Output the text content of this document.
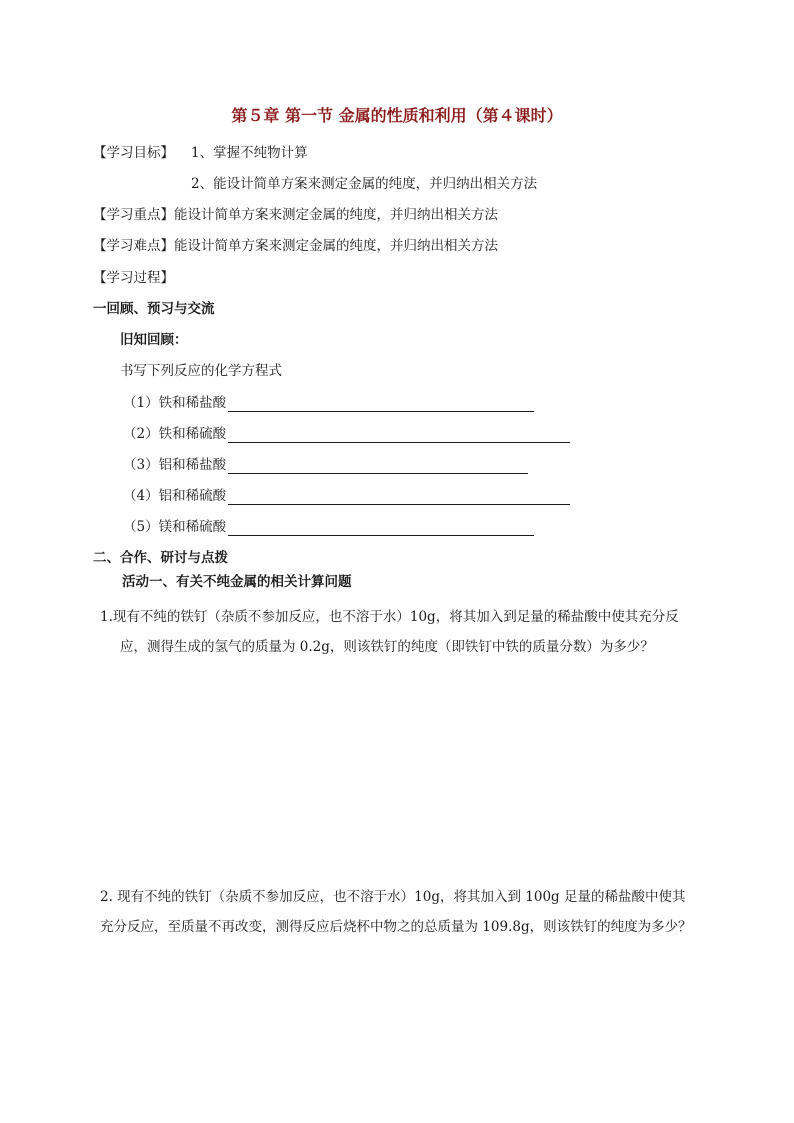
第５章 第一节 金属的性质和利用（第４课时）
【学习目标】 1、掌握不纯物计算
2、能设计简单方案来测定金属的纯度，并归纳出相关方法
【学习重点】能设计简单方案来测定金属的纯度，并归纳出相关方法
【学习难点】能设计简单方案来测定金属的纯度，并归纳出相关方法
【学习过程】
一回顾、预习与交流
旧知回顾：
书写下列反应的化学方程式
（1）铁和稀盐酸
（2）铁和稀硫酸
（3）铝和稀盐酸
（4）铝和稀硫酸
（5）镁和稀硫酸
二、合作、研讨与点拨
活动一、有关不纯金属的相关计算问题
1.现有不纯的铁钉（杂质不参加反应，也不溶于水）10g，将其加入到足量的稀盐酸中使其充分反
应，测得生成的氢气的质量为 0.2g，则该铁钉的纯度（即铁钉中铁的质量分数）为多少？
2. 现有不纯的铁钉（杂质不参加反应，也不溶于水）10g，将其加入到 100g 足量的稀盐酸中使其
充分反应，至质量不再改变，测得反应后烧杯中物之的总质量为 109.8g，则该铁钉的纯度为多少？
